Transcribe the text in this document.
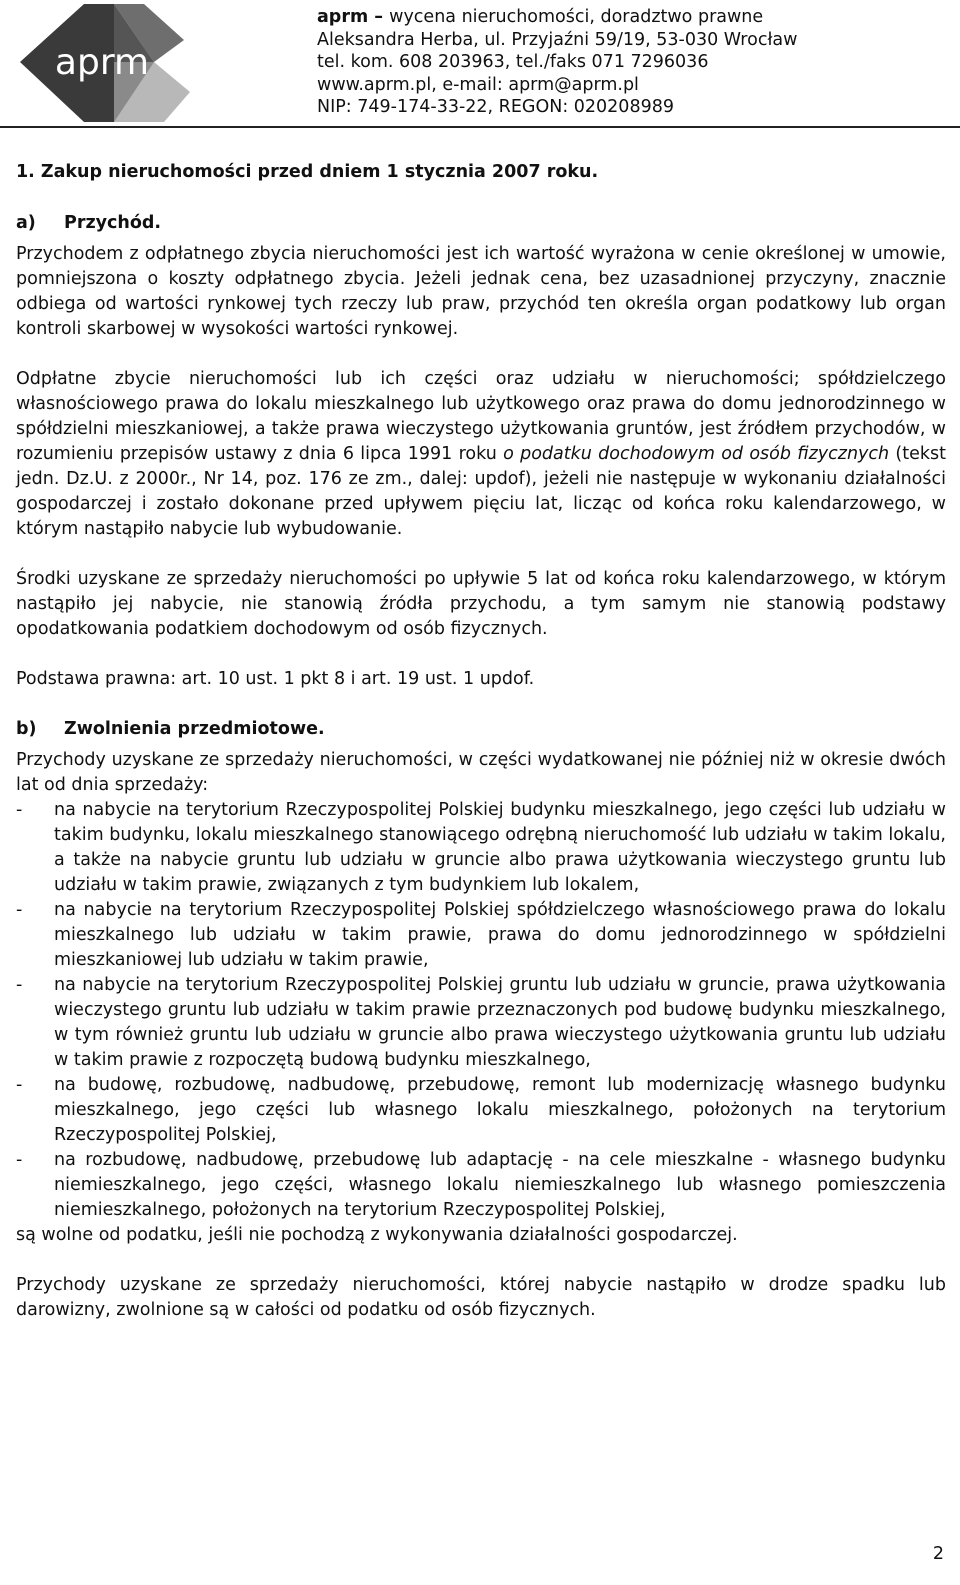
aprm
aprm – wycena nieruchomości, doradztwo prawne
Aleksandra Herba, ul. Przyjaźni 59/19, 53-030 Wrocław
tel. kom. 608 203963, tel./faks 071 7296036
www.aprm.pl, e-mail: aprm@aprm.pl
NIP: 749-174-33-22, REGON: 020208989
1. Zakup nieruchomości przed dniem 1 stycznia 2007 roku.
a) Przychód.

Przychodem z odpłatnego zbycia nieruchomości jest ich wartość wyrażona w cenie określonej w umowie, pomniejszona o koszty odpłatnego zbycia. Jeżeli jednak cena, bez uzasadnionej przyczyny, znacznie odbiega od wartości rynkowej tych rzeczy lub praw, przychód ten określa organ podatkowy lub organ kontroli skarbowej w wysokości wartości rynkowej.

Odpłatne zbycie nieruchomości lub ich części oraz udziału w nieruchomości; spółdzielczego własnościowego prawa do lokalu mieszkalnego lub użytkowego oraz prawa do domu jednorodzinnego w spółdzielni mieszkaniowej, a także prawa wieczystego użytkowania gruntów, jest źródłem przychodów, w rozumieniu przepisów ustawy z dnia 6 lipca 1991 roku o podatku dochodowym od osób fizycznych (tekst jedn. Dz.U. z 2000r., Nr 14, poz. 176 ze zm., dalej: updof), jeżeli nie następuje w wykonaniu działalności gospodarczej i zostało dokonane przed upływem pięciu lat, licząc od końca roku kalendarzowego, w którym nastąpiło nabycie lub wybudowanie.

Środki uzyskane ze sprzedaży nieruchomości po upływie 5 lat od końca roku kalendarzowego, w którym nastąpiło jej nabycie, nie stanowią źródła przychodu, a tym samym nie stanowią podstawy opodatkowania podatkiem dochodowym od osób fizycznych.

Podstawa prawna: art. 10 ust. 1 pkt 8 i art. 19 ust. 1 updof.

b) Zwolnienia przedmiotowe.

Przychody uzyskane ze sprzedaży nieruchomości, w części wydatkowanej nie później niż w okresie dwóch lat od dnia sprzedaży:

- na nabycie na terytorium Rzeczypospolitej Polskiej budynku mieszkalnego, jego części lub udziału w takim budynku, lokalu mieszkalnego stanowiącego odrębną nieruchomość lub udziału w takim lokalu, a także na nabycie gruntu lub udziału w gruncie albo prawa użytkowania wieczystego gruntu lub udziału w takim prawie, związanych z tym budynkiem lub lokalem,
- na nabycie na terytorium Rzeczypospolitej Polskiej spółdzielczego własnościowego prawa do lokalu mieszkalnego lub udziału w takim prawie, prawa do domu jednorodzinnego w spółdzielni mieszkaniowej lub udziału w takim prawie,
- na nabycie na terytorium Rzeczypospolitej Polskiej gruntu lub udziału w gruncie, prawa użytkowania wieczystego gruntu lub udziału w takim prawie przeznaczonych pod budowę budynku mieszkalnego, w tym również gruntu lub udziału w gruncie albo prawa wieczystego użytkowania gruntu lub udziału w takim prawie z rozpoczętą budową budynku mieszkalnego,
- na budowę, rozbudowę, nadbudowę, przebudowę, remont lub modernizację własnego budynku mieszkalnego, jego części lub własnego lokalu mieszkalnego, położonych na terytorium Rzeczypospolitej Polskiej,
- na rozbudowę, nadbudowę, przebudowę lub adaptację - na cele mieszkalne - własnego budynku niemieszkalnego, jego części, własnego lokalu niemieszkalnego lub własnego pomieszczenia niemieszkalnego, położonych na terytorium Rzeczypospolitej Polskiej,
są wolne od podatku, jeśli nie pochodzą z wykonywania działalności gospodarczej.

Przychody uzyskane ze sprzedaży nieruchomości, której nabycie nastąpiło w drodze spadku lub darowizny, zwolnione są w całości od podatku od osób fizycznych.

2
